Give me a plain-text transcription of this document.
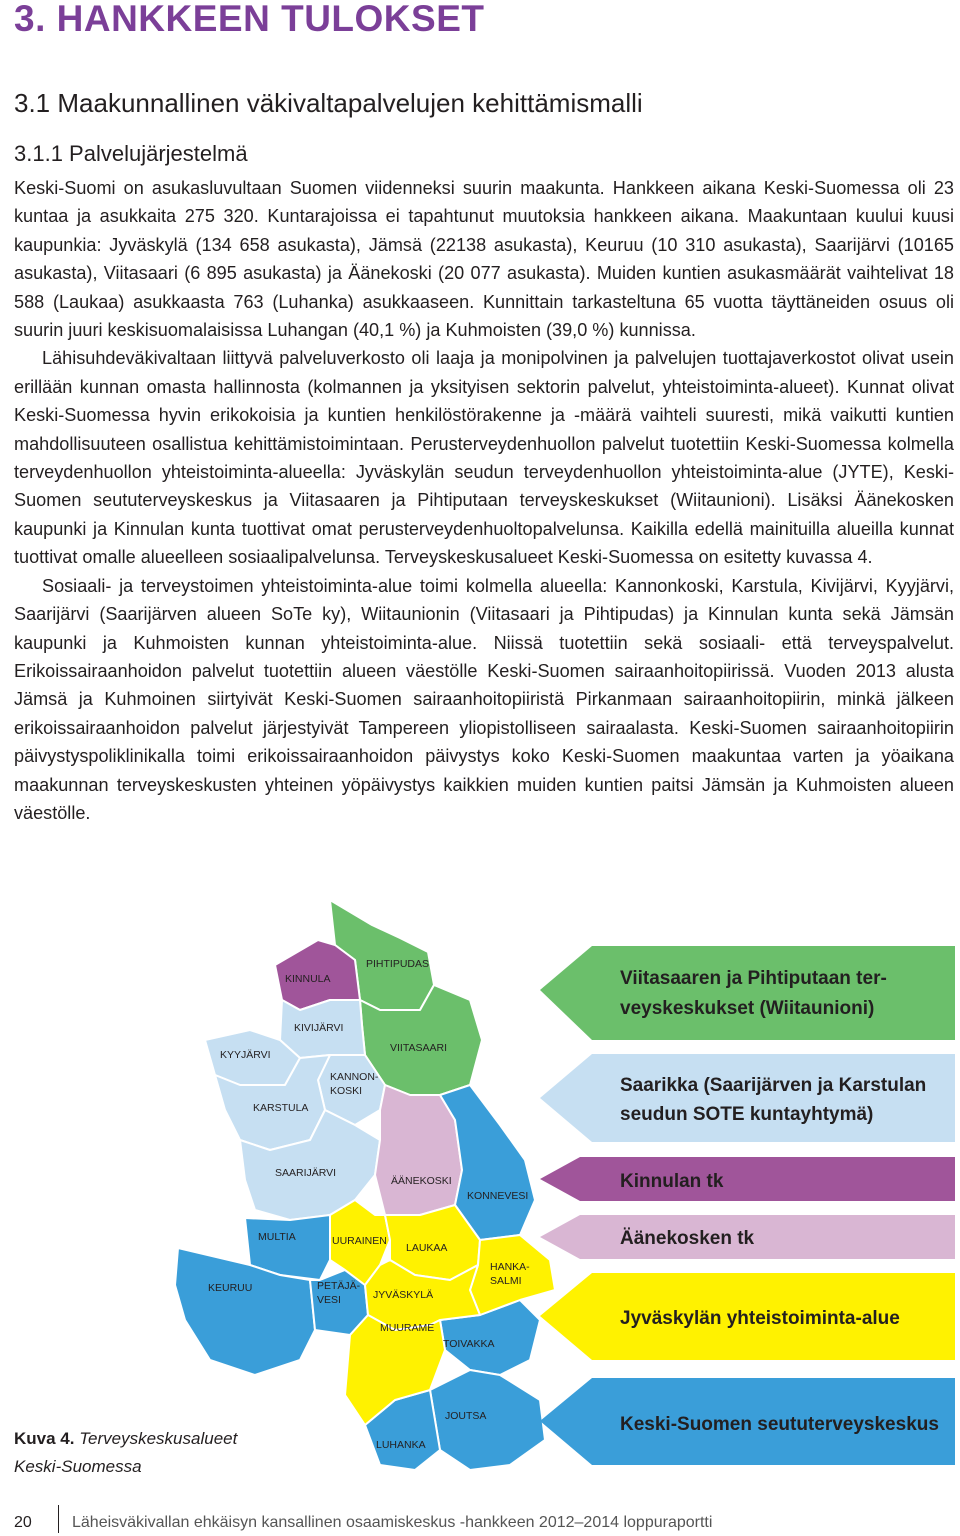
3. HANKKEEN TULOKSET
3.1 Maakunnallinen väkivaltapalvelujen kehittämismalli
3.1.1 Palvelujärjestelmä

Keski-Suomi on asukasluvultaan Suomen viidenneksi suurin maakunta. Hankkeen aikana Keski-Suomessa oli 23 kuntaa ja asukkaita 275 320. Kuntarajoissa ei tapahtunut muutoksia hankkeen aikana. Maakuntaan kuului kuusi kaupunkia: Jyväskylä (134 658 asukasta), Jämsä (22138 asukasta), Keuruu (10 310 asukasta), Saarijärvi (10165 asukasta), Viitasaari (6 895 asukasta) ja Äänekoski (20 077 asukasta). Muiden kuntien asukasmäärät vaihtelivat 18 588 (Laukaa) asukkaasta 763 (Luhanka) asukkaaseen. Kunnittain tarkasteltuna 65 vuotta täyttäneiden osuus oli suurin juuri keskisuomalaisissa Luhangan (40,1 %) ja Kuhmoisten (39,0 %) kunnissa.

Lähisuhdeväkivaltaan liittyvä palveluverkosto oli laaja ja monipolvinen ja palvelujen tuottajaverkostot olivat usein erillään kunnan omasta hallinnosta (kolmannen ja yksityisen sektorin palvelut, yhteistoiminta-alueet). Kunnat olivat Keski-Suomessa hyvin erikokoisia ja kuntien henkilöstörakenne ja -määrä vaihteli suuresti, mikä vaikutti kuntien mahdollisuuteen osallistua kehittämistoimintaan. Perusterveydenhuollon palvelut tuotettiin Keski-Suomessa kolmella terveydenhuollon yhteistoiminta-alueella: Jyväskylän seudun terveydenhuollon yhteistoiminta-alue (JYTE), Keski-Suomen seututerveyskeskus ja Viitasaaren ja Pihtiputaan terveyskeskukset (Wiitaunioni). Lisäksi Äänekosken kaupunki ja Kinnulan kunta tuottivat omat perusterveydenhuoltopalvelunsa. Kaikilla edellä mainituilla alueilla kunnat tuottivat omalle alueelleen sosiaalipalvelunsa. Terveyskeskusalueet Keski-Suomessa on esitetty kuvassa 4.

Sosiaali- ja terveystoimen yhteistoiminta-alue toimi kolmella alueella: Kannonkoski, Karstula, Kivijärvi, Kyyjärvi, Saarijärvi (Saarijärven alueen SoTe ky), Wiitaunionin (Viitasaari ja Pihtipudas) ja Kinnulan kunta sekä Jämsän kaupunki ja Kuhmoisten kunnan yhteistoiminta-alue. Niissä tuotettiin sekä sosiaali- että terveyspalvelut. Erikoissairaanhoidon palvelut tuotettiin alueen väestölle Keski-Suomen sairaanhoitopiirissä. Vuoden 2013 alusta Jämsä ja Kuhmoinen siirtyivät Keski-Suomen sairaanhoitopiiristä Pirkanmaan sairaanhoitopiirin, minkä jälkeen erikoissairaanhoidon palvelut järjestyivät Tampereen yliopistolliseen sairaalasta. Keski-Suomen sairaanhoitopiirin päivystyspoliklinikalla toimi erikoissairaanhoidon päivystys koko Keski-Suomen maakuntaa varten ja yöaikana maakunnan terveyskeskusten yhteinen yöpäivystys kaikkien muiden kuntien paitsi Jämsän ja Kuhmoisten alueen väestölle.

PIHTIPUDAS
KINNULA
KIVIJÄRVI
VIITASAARI
KYYJÄRVI
KANNON-
KOSKI
KARSTULA
SAARIJÄRVI
ÄÄNEKOSKI
KONNEVESI
MULTIA	UURAINEN
LAUKAA
HANKA-
SALMI
KEURUU	PETÄJÄ-
VESI	JYVÄSKYLÄ
MUURAME
TOIVAKKA
JOUTSA
LUHANKA
Viitasaaren ja Pihtiputaan ter-
veyskeskukset (Wiitaunioni)
Saarikka (Saarijärven ja Karstulan
seudun SOTE kuntayhtymä)
Kinnulan tk
Äänekosken tk
Jyväskylän yhteistoiminta-alue
Keski-Suomen seututerveyskeskus
Kuva 4. Terveyskeskusalueet
Keski-Suomessa
20	Läheisväkivallan ehkäisyn kansallinen osaamiskeskus -hankkeen 2012–2014 loppuraportti
